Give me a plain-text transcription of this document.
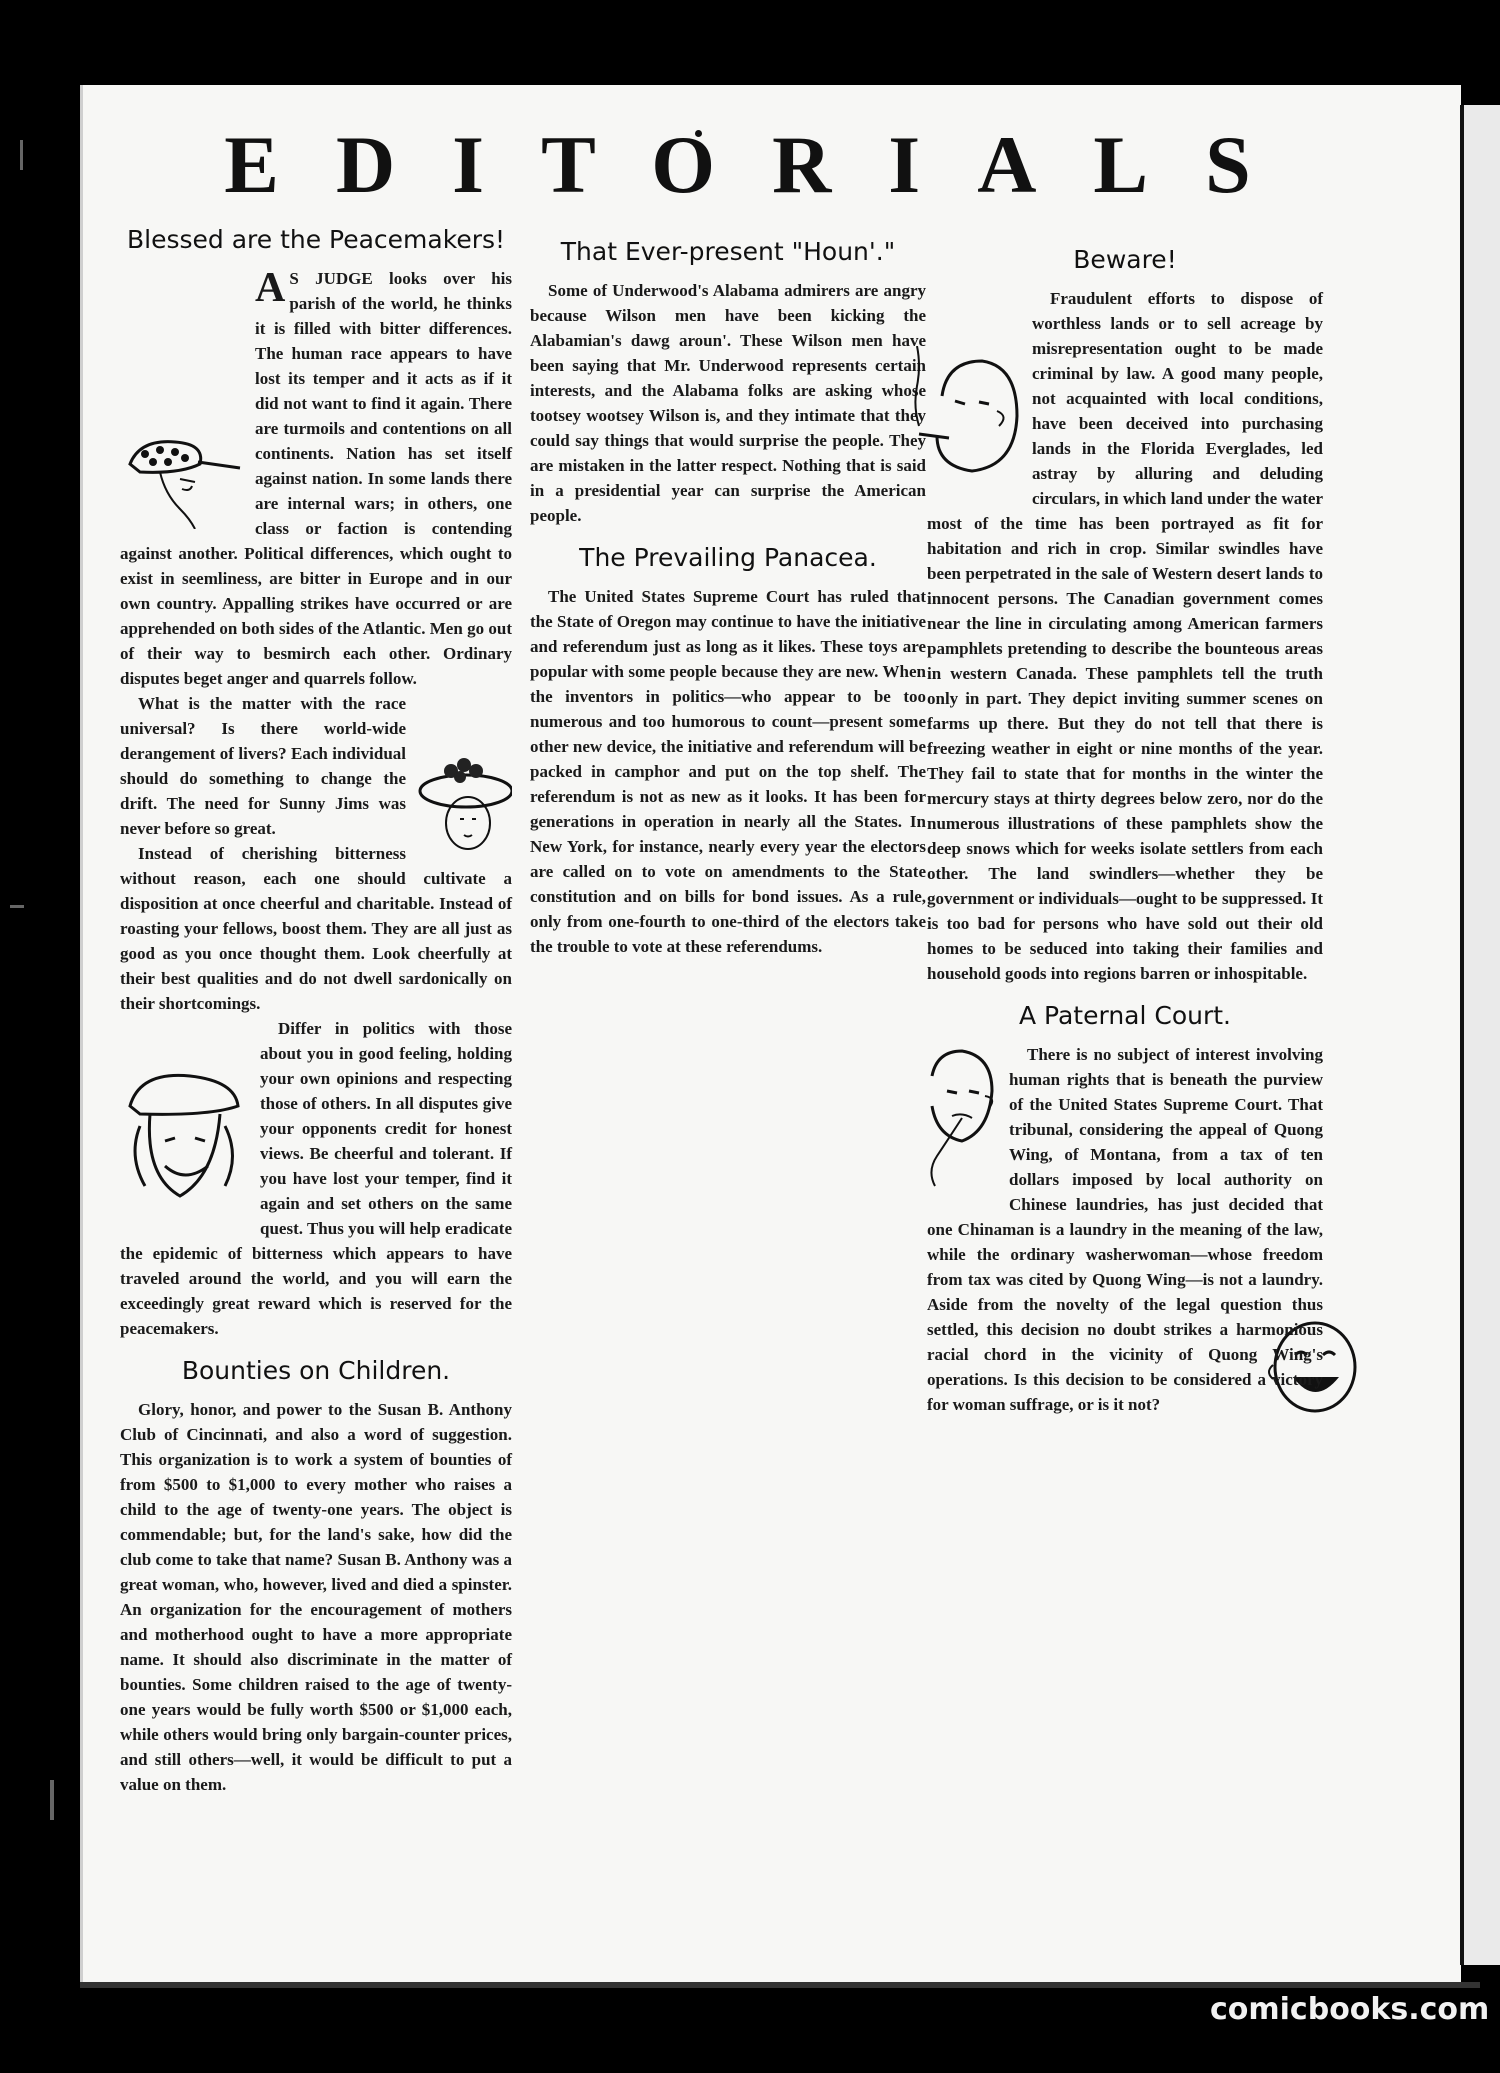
EDITORIALS
Blessed are the Peacemakers!

A S JUDGE looks over his parish of the world, he thinks it is filled with bitter differences. The human race appears to have lost its temper and it acts as if it did not want to find it again. There are turmoils and contentions on all continents. Nation has set itself against nation. In some lands there are internal wars; in others, one class or faction is contending against another. Political differences, which ought to exist in seemliness, are bitter in Europe and in our own country. Appalling strikes have occurred or are apprehended on both sides of the Atlantic. Men go out of their way to besmirch each other. Ordinary disputes beget anger and quarrels follow.

What is the matter with the race universal? Is there world-wide derangement of livers? Each individual should do something to change the drift. The need for Sunny Jims was never before so great.

Instead of cherishing bitterness without reason, each one should cultivate a disposition at once cheerful and charitable. Instead of roasting your fellows, boost them. They are all just as good as you once thought them. Look cheerfully at their best qualities and do not dwell sardonically on their shortcomings.

Differ in politics with those about you in good feeling, holding your own opinions and respecting those of others. In all disputes give your opponents credit for honest views. Be cheerful and tolerant. If you have lost your temper, find it again and set others on the same quest. Thus you will help eradicate the epidemic of bitterness which appears to have traveled around the world, and you will earn the exceedingly great reward which is reserved for the peacemakers.

Bounties on Children.

Glory, honor, and power to the Susan B. Anthony Club of Cincinnati, and also a word of suggestion. This organization is to work a system of bounties of from $500 to $1,000 to every mother who raises a child to the age of twenty-one years. The object is commendable; but, for the land's sake, how did the club come to take that name? Susan B. Anthony was a great woman, who, however, lived and died a spinster. An organization for the encouragement of mothers and motherhood ought to have a more appropriate name. It should also discriminate in the matter of bounties. Some children raised to the age of twenty-one years would be fully worth $500 or $1,000 each, while others would bring only bargain-counter prices, and still others—well, it would be difficult to put a value on them.

That Ever-present "Houn'."

Some of Underwood's Alabama admirers are angry because Wilson men have been kicking the Alabamian's dawg aroun'. These Wilson men have been saying that Mr. Underwood represents certain interests, and the Alabama folks are asking whose tootsey wootsey Wilson is, and they intimate that they could say things that would surprise the people. They are mistaken in the latter respect. Nothing that is said in a presidential year can surprise the American people.

The Prevailing Panacea.

The United States Supreme Court has ruled that the State of Oregon may continue to have the initiative and referendum just as long as it likes. These toys are popular with some people because they are new. When the inventors in politics—who appear to be too numerous and too humorous to count—present some other new device, the initiative and referendum will be packed in camphor and put on the top shelf. The referendum is not as new as it looks. It has been for generations in operation in nearly all the States. In New York, for instance, nearly every year the electors are called on to vote on amendments to the State constitution and on bills for bond issues. As a rule, only from one-fourth to one-third of the electors take the trouble to vote at these referendums.

Beware!

Fraudulent efforts to dispose of worthless lands or to sell acreage by misrepresentation ought to be made criminal by law. A good many people, not acquainted with local conditions, have been deceived into purchasing lands in the Florida Everglades, led astray by alluring and deluding circulars, in which land under the water most of the time has been portrayed as fit for habitation and rich in crop. Similar swindles have been perpetrated in the sale of Western desert lands to innocent persons. The Canadian government comes near the line in circulating among American farmers pamphlets pretending to describe the bounteous areas in western Canada. These pamphlets tell the truth only in part. They depict inviting summer scenes on farms up there. But they do not tell that there is freezing weather in eight or nine months of the year. They fail to state that for months in the winter the mercury stays at thirty degrees below zero, nor do the numerous illustrations of these pamphlets show the deep snows which for weeks isolate settlers from each other. The land swindlers—whether they be government or individuals—ought to be suppressed. It is too bad for persons who have sold out their old homes to be seduced into taking their families and household goods into regions barren or inhospitable.

A Paternal Court.

There is no subject of interest involving human rights that is beneath the purview of the United States Supreme Court. That tribunal, considering the appeal of Quong Wing, of Montana, from a tax of ten dollars imposed by local authority on Chinese laundries, has just decided that one Chinaman is a laundry in the meaning of the law, while the ordinary washerwoman—whose freedom from tax was cited by Quong Wing—is not a laundry. Aside from the novelty of the legal question thus settled, this decision no doubt strikes a harmonious racial chord in the vicinity of Quong Wing's operations. Is this decision to be considered a victory for woman suffrage, or is it not?

comicbooks.com
